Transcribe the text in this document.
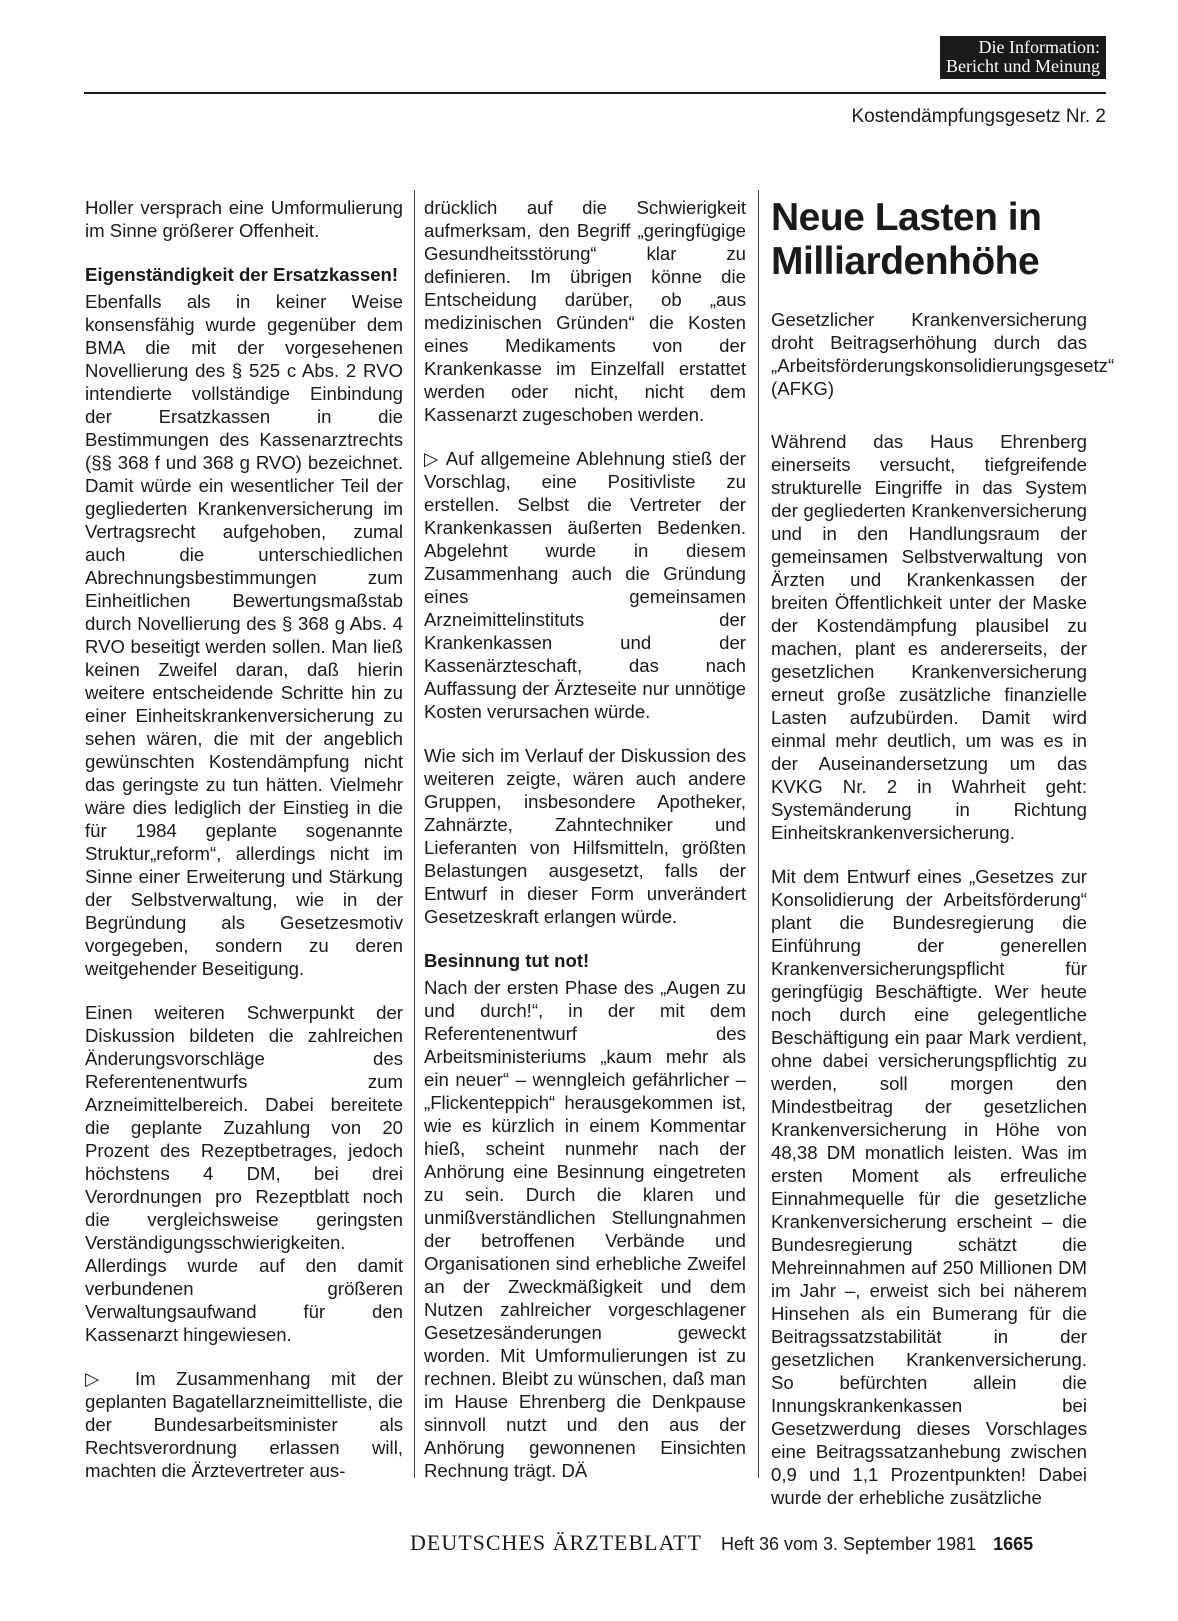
Die Information:
Bericht und Meinung
Kostendämpfungsgesetz Nr. 2

Holler versprach eine Umformulierung im Sinne größerer Offenheit.

Eigenständigkeit der Ersatzkassen!

Ebenfalls als in keiner Weise konsensfähig wurde gegenüber dem BMA die mit der vorgesehenen Novellierung des § 525 c Abs. 2 RVO intendierte vollständige Einbindung der Ersatzkassen in die Bestimmungen des Kassenarztrechts (§§ 368 f und 368 g RVO) bezeichnet. Damit würde ein wesentlicher Teil der gegliederten Krankenversicherung im Vertragsrecht aufgehoben, zumal auch die unterschiedlichen Abrechnungsbestimmungen zum Einheitlichen Bewertungsmaßstab durch Novellierung des § 368 g Abs. 4 RVO beseitigt werden sollen. Man ließ keinen Zweifel daran, daß hierin weitere entscheidende Schritte hin zu einer Einheitskrankenversicherung zu sehen wären, die mit der angeblich gewünschten Kostendämpfung nicht das geringste zu tun hätten. Vielmehr wäre dies lediglich der Einstieg in die für 1984 geplante sogenannte Struktur„reform“, allerdings nicht im Sinne einer Erweiterung und Stärkung der Selbstverwaltung, wie in der Begründung als Gesetzesmotiv vorgegeben, sondern zu deren weitgehender Beseitigung.

Einen weiteren Schwerpunkt der Diskussion bildeten die zahlreichen Änderungsvorschläge des Referentenentwurfs zum Arzneimittelbereich. Dabei bereitete die geplante Zuzahlung von 20 Prozent des Rezeptbetrages, jedoch höchstens 4 DM, bei drei Verordnungen pro Rezeptblatt noch die vergleichsweise geringsten Verständigungsschwierigkeiten. Allerdings wurde auf den damit verbundenen größeren Verwaltungsaufwand für den Kassenarzt hingewiesen.

▷ Im Zusammenhang mit der geplanten Bagatellarzneimittelliste, die der Bundesarbeitsminister als Rechtsverordnung erlassen will, machten die Ärztevertreter aus-

drücklich auf die Schwierigkeit aufmerksam, den Begriff „geringfügige Gesundheitsstörung“ klar zu definieren. Im übrigen könne die Entscheidung darüber, ob „aus medizinischen Gründen“ die Kosten eines Medikaments von der Krankenkasse im Einzelfall erstattet werden oder nicht, nicht dem Kassenarzt zugeschoben werden.

▷ Auf allgemeine Ablehnung stieß der Vorschlag, eine Positivliste zu erstellen. Selbst die Vertreter der Krankenkassen äußerten Bedenken. Abgelehnt wurde in diesem Zusammenhang auch die Gründung eines gemeinsamen Arzneimittelinstituts der Krankenkassen und der Kassenärzteschaft, das nach Auffassung der Ärzteseite nur unnötige Kosten verursachen würde.

Wie sich im Verlauf der Diskussion des weiteren zeigte, wären auch andere Gruppen, insbesondere Apotheker, Zahnärzte, Zahntechniker und Lieferanten von Hilfsmitteln, größten Belastungen ausgesetzt, falls der Entwurf in dieser Form unverändert Gesetzeskraft erlangen würde.

Besinnung tut not!

Nach der ersten Phase des „Augen zu und durch!“, in der mit dem Referentenentwurf des Arbeitsministeriums „kaum mehr als ein neuer“ – wenngleich gefährlicher – „Flickenteppich“ herausgekommen ist, wie es kürzlich in einem Kommentar hieß, scheint nunmehr nach der Anhörung eine Besinnung eingetreten zu sein. Durch die klaren und unmißverständlichen Stellungnahmen der betroffenen Verbände und Organisationen sind erhebliche Zweifel an der Zweckmäßigkeit und dem Nutzen zahlreicher vorgeschlagener Gesetzesänderungen geweckt worden. Mit Umformulierungen ist zu rechnen. Bleibt zu wünschen, daß man im Hause Ehrenberg die Denkpause sinnvoll nutzt und den aus der Anhörung gewonnenen Einsichten Rechnung trägt. DÄ

Neue Lasten in Milliardenhöhe

Gesetzlicher Krankenversicherung droht Beitragserhöhung durch das „Arbeitsförderungskonsolidierungsgesetz“ (AFKG)

Während das Haus Ehrenberg einerseits versucht, tiefgreifende strukturelle Eingriffe in das System der gegliederten Krankenversicherung und in den Handlungsraum der gemeinsamen Selbstverwaltung von Ärzten und Krankenkassen der breiten Öffentlichkeit unter der Maske der Kostendämpfung plausibel zu machen, plant es andererseits, der gesetzlichen Krankenversicherung erneut große zusätzliche finanzielle Lasten aufzubürden. Damit wird einmal mehr deutlich, um was es in der Auseinandersetzung um das KVKG Nr. 2 in Wahrheit geht: Systemänderung in Richtung Einheitskrankenversicherung.

Mit dem Entwurf eines „Gesetzes zur Konsolidierung der Arbeitsförderung“ plant die Bundesregierung die Einführung der generellen Krankenversicherungspflicht für geringfügig Beschäftigte. Wer heute noch durch eine gelegentliche Beschäftigung ein paar Mark verdient, ohne dabei versicherungspflichtig zu werden, soll morgen den Mindestbeitrag der gesetzlichen Krankenversicherung in Höhe von 48,38 DM monatlich leisten. Was im ersten Moment als erfreuliche Einnahmequelle für die gesetzliche Krankenversicherung erscheint – die Bundesregierung schätzt die Mehreinnahmen auf 250 Millionen DM im Jahr –, erweist sich bei näherem Hinsehen als ein Bumerang für die Beitragssatzstabilität in der gesetzlichen Krankenversicherung. So befürchten allein die Innungskrankenkassen bei Gesetzwerdung dieses Vorschlages eine Beitragssatzanhebung zwischen 0,9 und 1,1 Prozentpunkten! Dabei wurde der erhebliche zusätzliche

DEUTSCHES ÄRZTEBLATT Heft 36 vom 3. September 1981 1665
